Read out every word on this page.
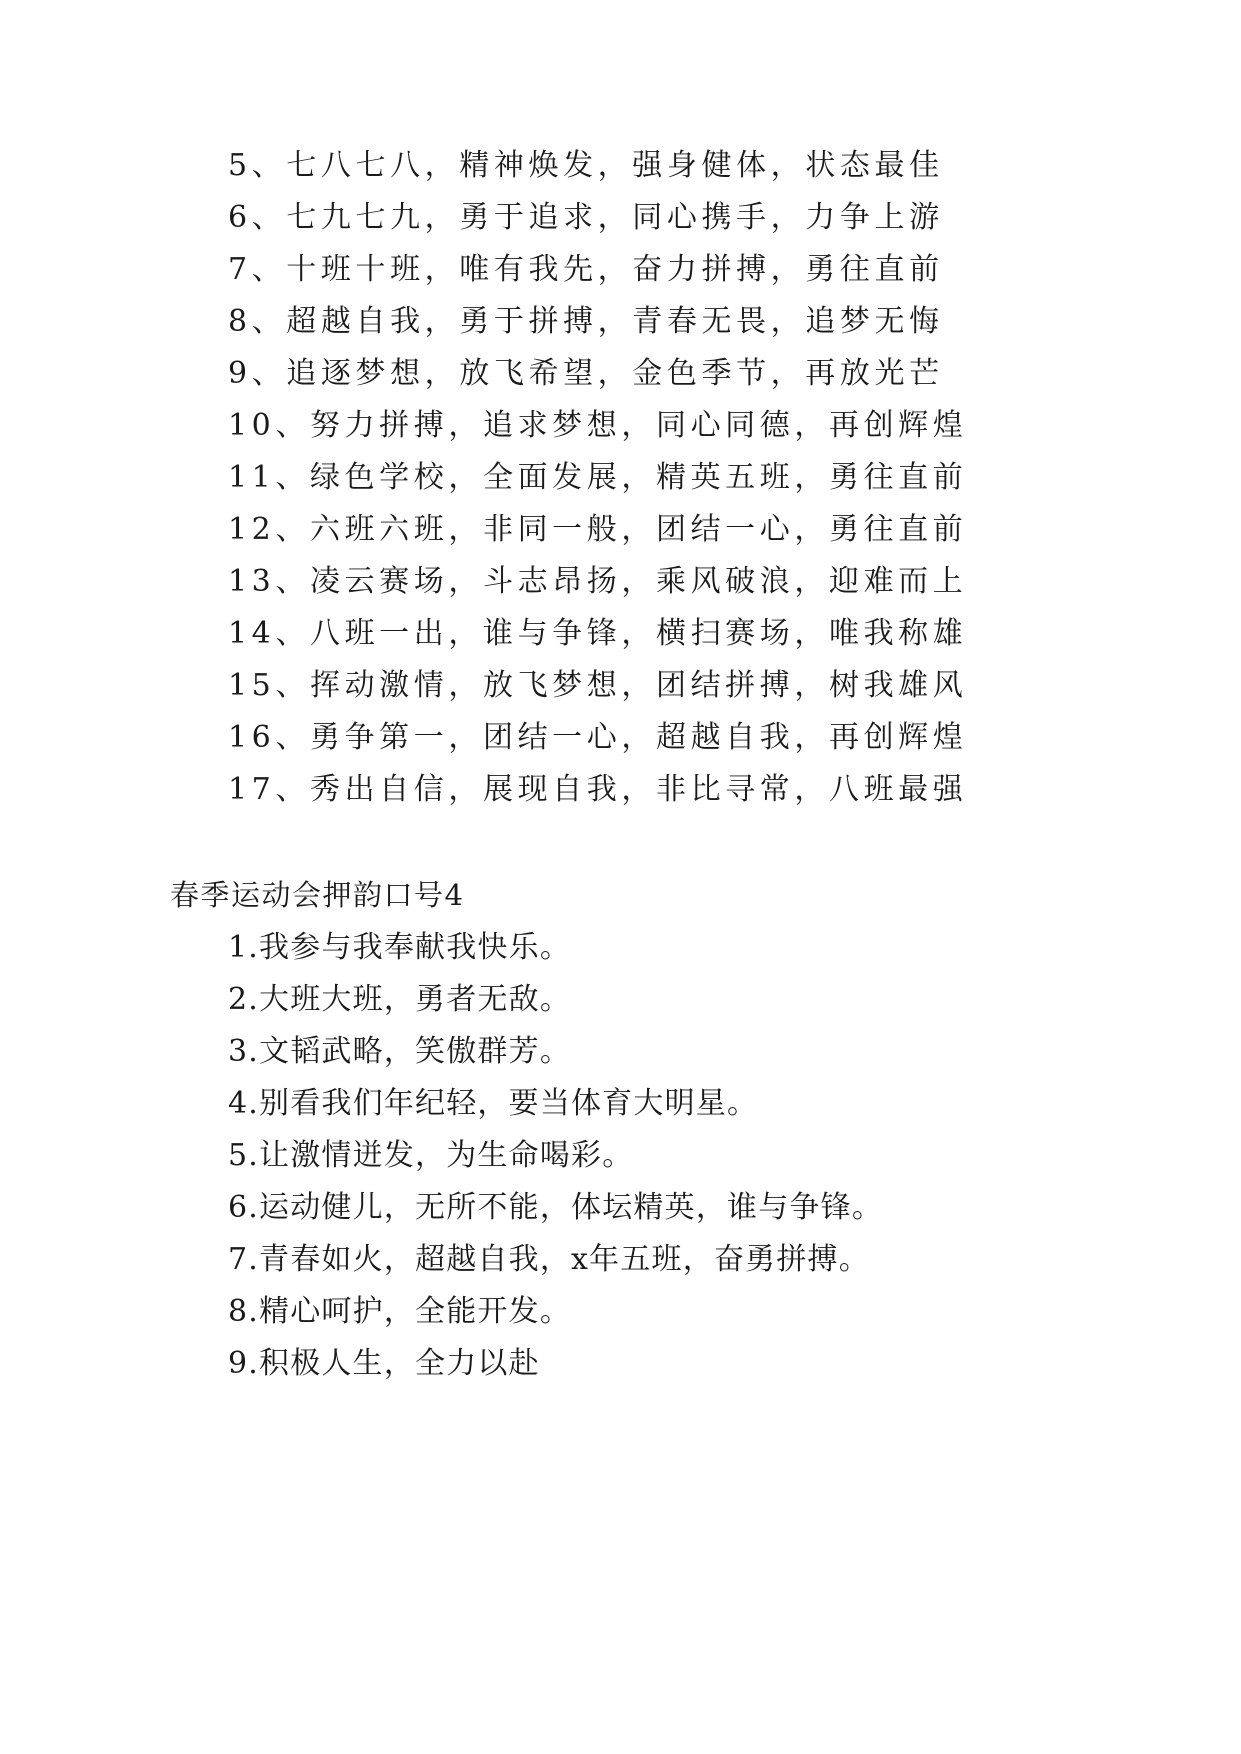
5、七八七八，精神焕发，强身健体，状态最佳

6、七九七九，勇于追求，同心携手，力争上游

7、十班十班，唯有我先，奋力拼搏，勇往直前

8、超越自我，勇于拼搏，青春无畏，追梦无悔

9、追逐梦想，放飞希望，金色季节，再放光芒

10、努力拼搏，追求梦想，同心同德，再创辉煌

11、绿色学校，全面发展，精英五班，勇往直前

12、六班六班，非同一般，团结一心，勇往直前

13、凌云赛场，斗志昂扬，乘风破浪，迎难而上

14、八班一出，谁与争锋，横扫赛场，唯我称雄

15、挥动激情，放飞梦想，团结拼搏，树我雄风

16、勇争第一，团结一心，超越自我，再创辉煌

17、秀出自信，展现自我，非比寻常，八班最强

春季运动会押韵口号4

1.我参与我奉献我快乐。

2.大班大班，勇者无敌。

3.文韬武略，笑傲群芳。

4.别看我们年纪轻，要当体育大明星。

5.让激情迸发，为生命喝彩。

6.运动健儿，无所不能，体坛精英，谁与争锋。

7.青春如火，超越自我，x年五班，奋勇拼搏。

8.精心呵护，全能开发。

9.积极人生，全力以赴
